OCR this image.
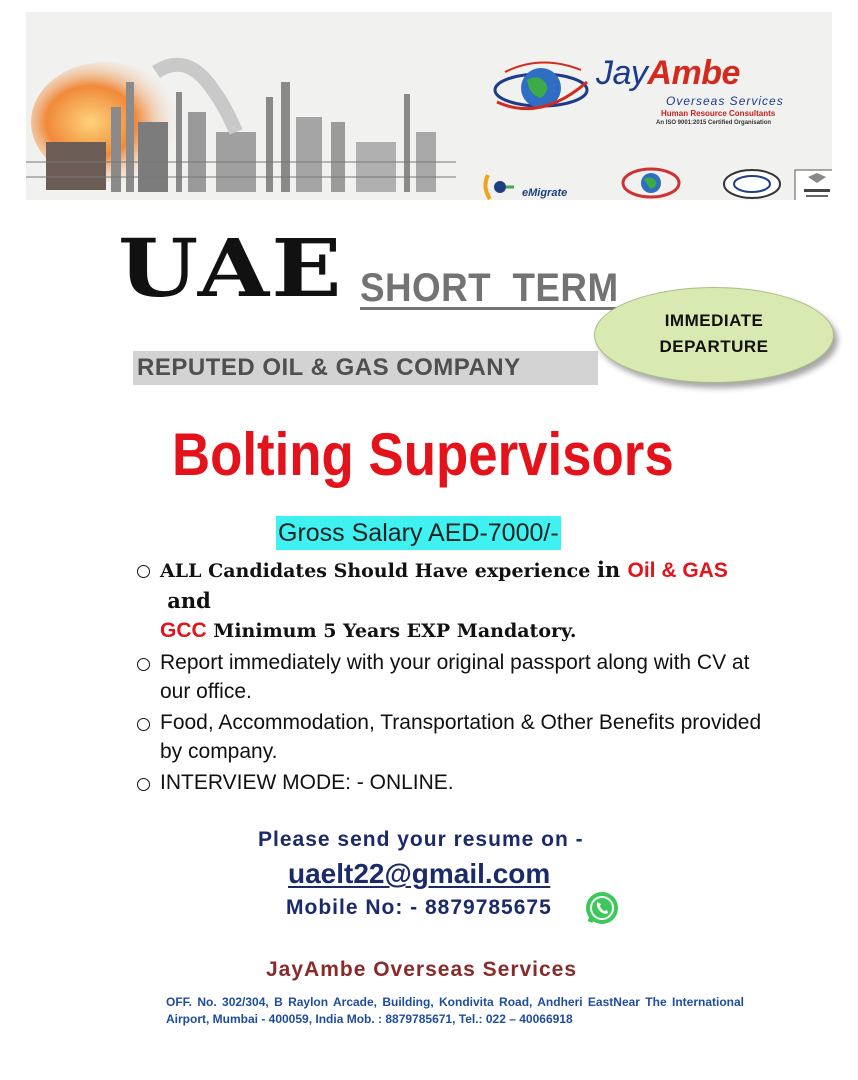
JayAmbe
Overseas Services
Human Resource Consultants
An ISO 9001:2015 Certified Organisation
eMigrate
UAE SHORT  TERM
REPUTED OIL & GAS COMPANY
IMMEDIATE
DEPARTURE
Bolting Supervisors
Gross Salary AED-7000/-
ALL Candidates Should Have experience in Oil & GAS and
GCC Minimum 5 Years EXP Mandatory.
Report immediately with your original passport along with CV at our office.
Food, Accommodation, Transportation & Other Benefits provided by company.
INTERVIEW MODE: - ONLINE.
Please send your resume on -
uaelt22@gmail.com
Mobile No: - 8879785675
JayAmbe Overseas Services
OFF. No. 302/304, B Raylon Arcade, Building, Kondivita Road, Andheri EastNear The International Airport, Mumbai - 400059, India Mob. : 8879785671, Tel.: 022 – 40066918
